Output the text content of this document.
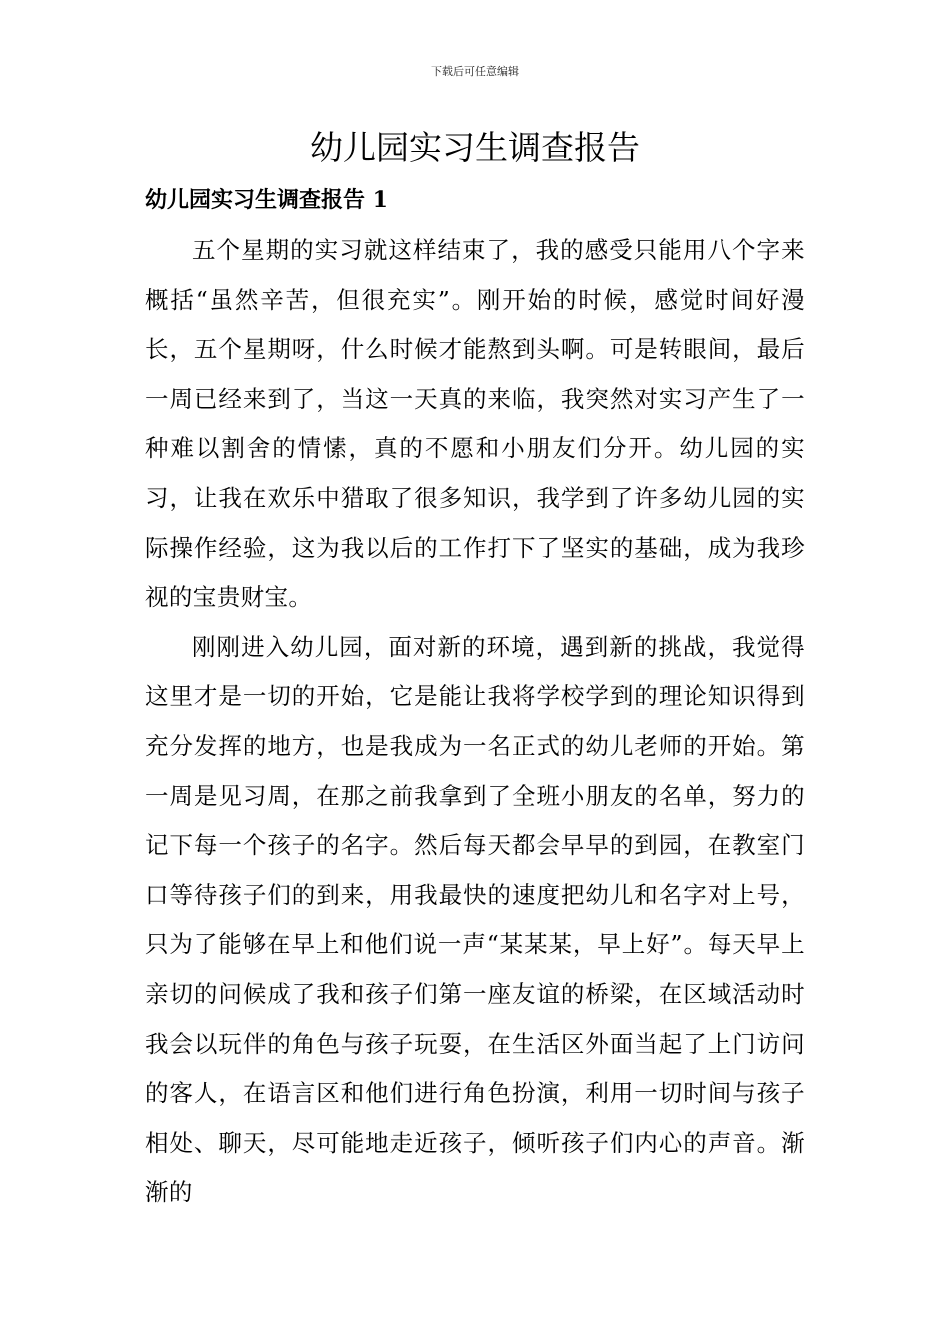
下载后可任意编辑
幼儿园实习生调查报告
幼儿园实习生调查报告 1

五个星期的实习就这样结束了，我的感受只能用八个字来概括“虽然辛苦，但很充实”。刚开始的时候，感觉时间好漫长，五个星期呀，什么时候才能熬到头啊。可是转眼间，最后一周已经来到了，当这一天真的来临，我突然对实习产生了一种难以割舍的情愫，真的不愿和小朋友们分开。幼儿园的实习，让我在欢乐中猎取了很多知识，我学到了许多幼儿园的实际操作经验，这为我以后的工作打下了坚实的基础，成为我珍视的宝贵财宝。

刚刚进入幼儿园，面对新的环境，遇到新的挑战，我觉得这里才是一切的开始，它是能让我将学校学到的理论知识得到充分发挥的地方，也是我成为一名正式的幼儿老师的开始。第一周是见习周，在那之前我拿到了全班小朋友的名单，努力的记下每一个孩子的名字。然后每天都会早早的到园，在教室门口等待孩子们的到来，用我最快的速度把幼儿和名字对上号，只为了能够在早上和他们说一声“某某某，早上好”。每天早上亲切的问候成了我和孩子们第一座友谊的桥梁，在区域活动时我会以玩伴的角色与孩子玩耍，在生活区外面当起了上门访问的客人，在语言区和他们进行角色扮演，利用一切时间与孩子相处、聊天，尽可能地走近孩子，倾听孩子们内心的声音。渐渐的
